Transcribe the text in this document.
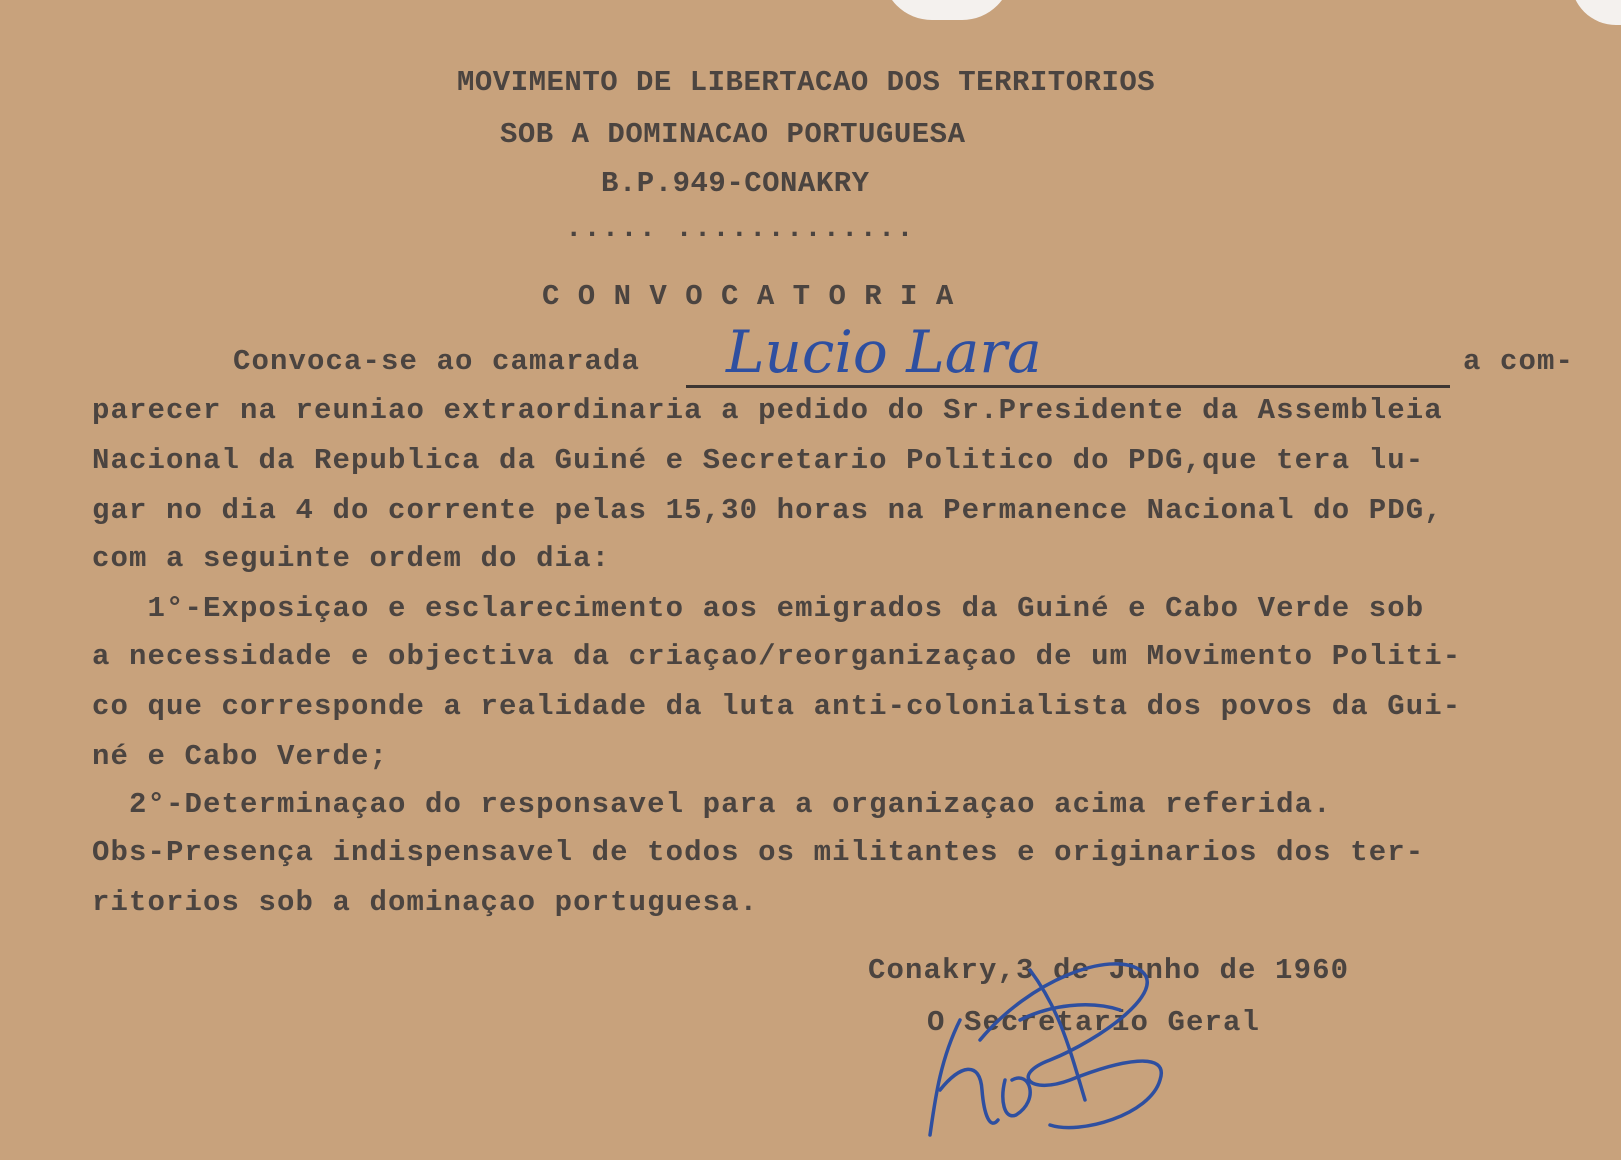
MOVIMENTO DE LIBERTACAO DOS TERRITORIOS
SOB A DOMINACAO PORTUGUESA
B.P.949-CONAKRY
..... .............
C O N V O C A T O R I A
Convoca-se ao camarada Lucio Lara	a com-
parecer na reuniao extraordinaria a pedido do Sr.Presidente da Assembleia
Nacional da Republica da Guiné e Secretario Politico do PDG,que tera lu-
gar no dia 4 do corrente pelas 15,30 horas na Permanence Nacional do PDG,
com a seguinte ordem do dia:
1°-Exposiçao e esclarecimento aos emigrados da Guiné e Cabo Verde sob
a necessidade e objectiva da criaçao/reorganizaçao de um Movimento Politi-
co que corresponde a realidade da luta anti-colonialista dos povos da Gui-
né e Cabo Verde;
2°-Determinaçao do responsavel para a organizaçao acima referida.
Obs-Presença indispensavel de todos os militantes e originarios dos ter-
ritorios sob a dominaçao portuguesa.
Conakry,3 de Junho de 1960
O Secretario Geral
